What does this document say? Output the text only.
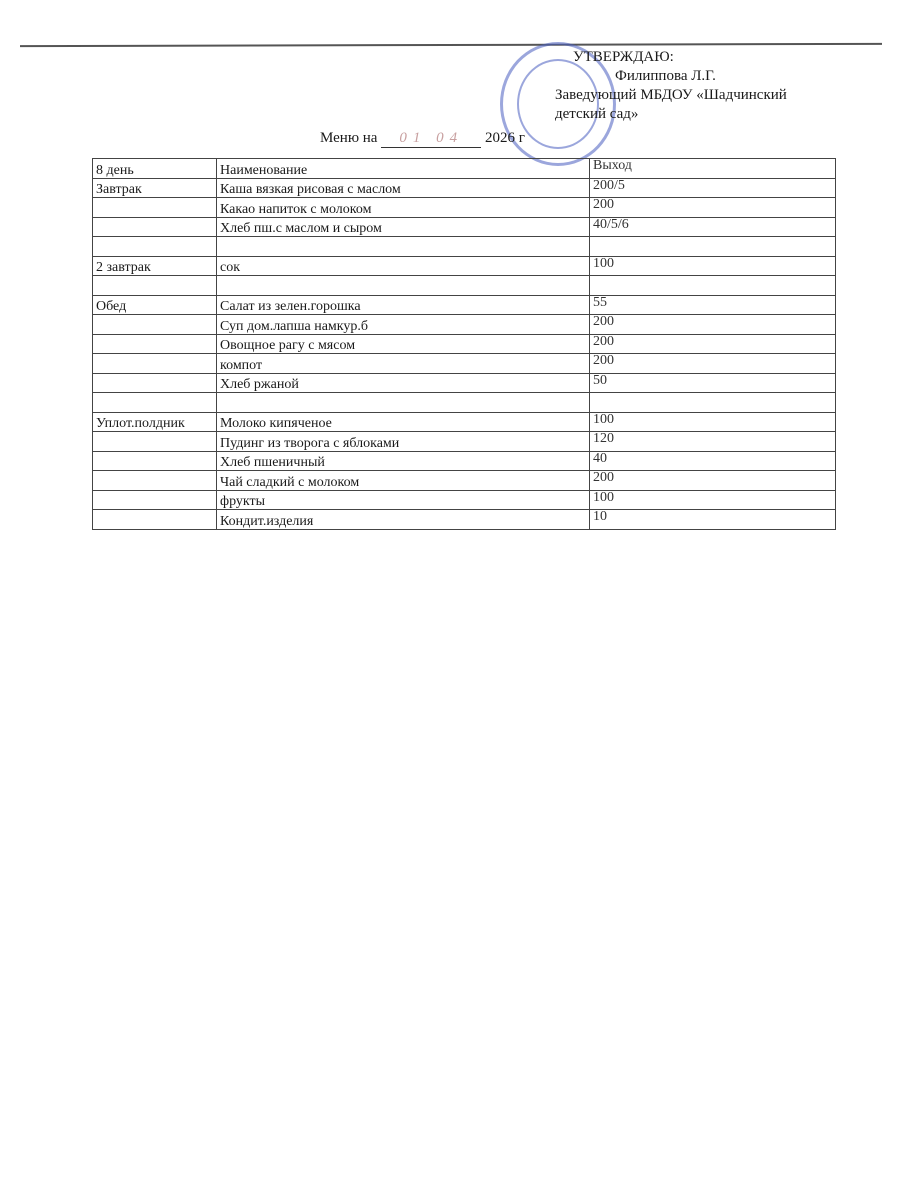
УТВЕРЖДАЮ:
Филиппова Л.Г.
Заведующий МБДОУ «Шадчинский
детский сад»
Меню на 01 04 2026 г
8 день	Наименование	Выход
Завтрак	Каша вязкая рисовая с маслом	200/5
	Какао напиток с молоком	200
	Хлеб пш.с маслом и сыром	40/5/6

2 завтрак	сок	100

Обед	Салат из зелен.горошка	55
	Суп дом.лапша намкур.б	200
	Овощное рагу с мясом	200
	компот	200
	Хлеб ржаной	50

Уплот.полдник	Молоко кипяченое	100
	Пудинг из творога с яблоками	120
	Хлеб пшеничный	40
	Чай сладкий с молоком	200
	фрукты	100
	Кондит.изделия	10
